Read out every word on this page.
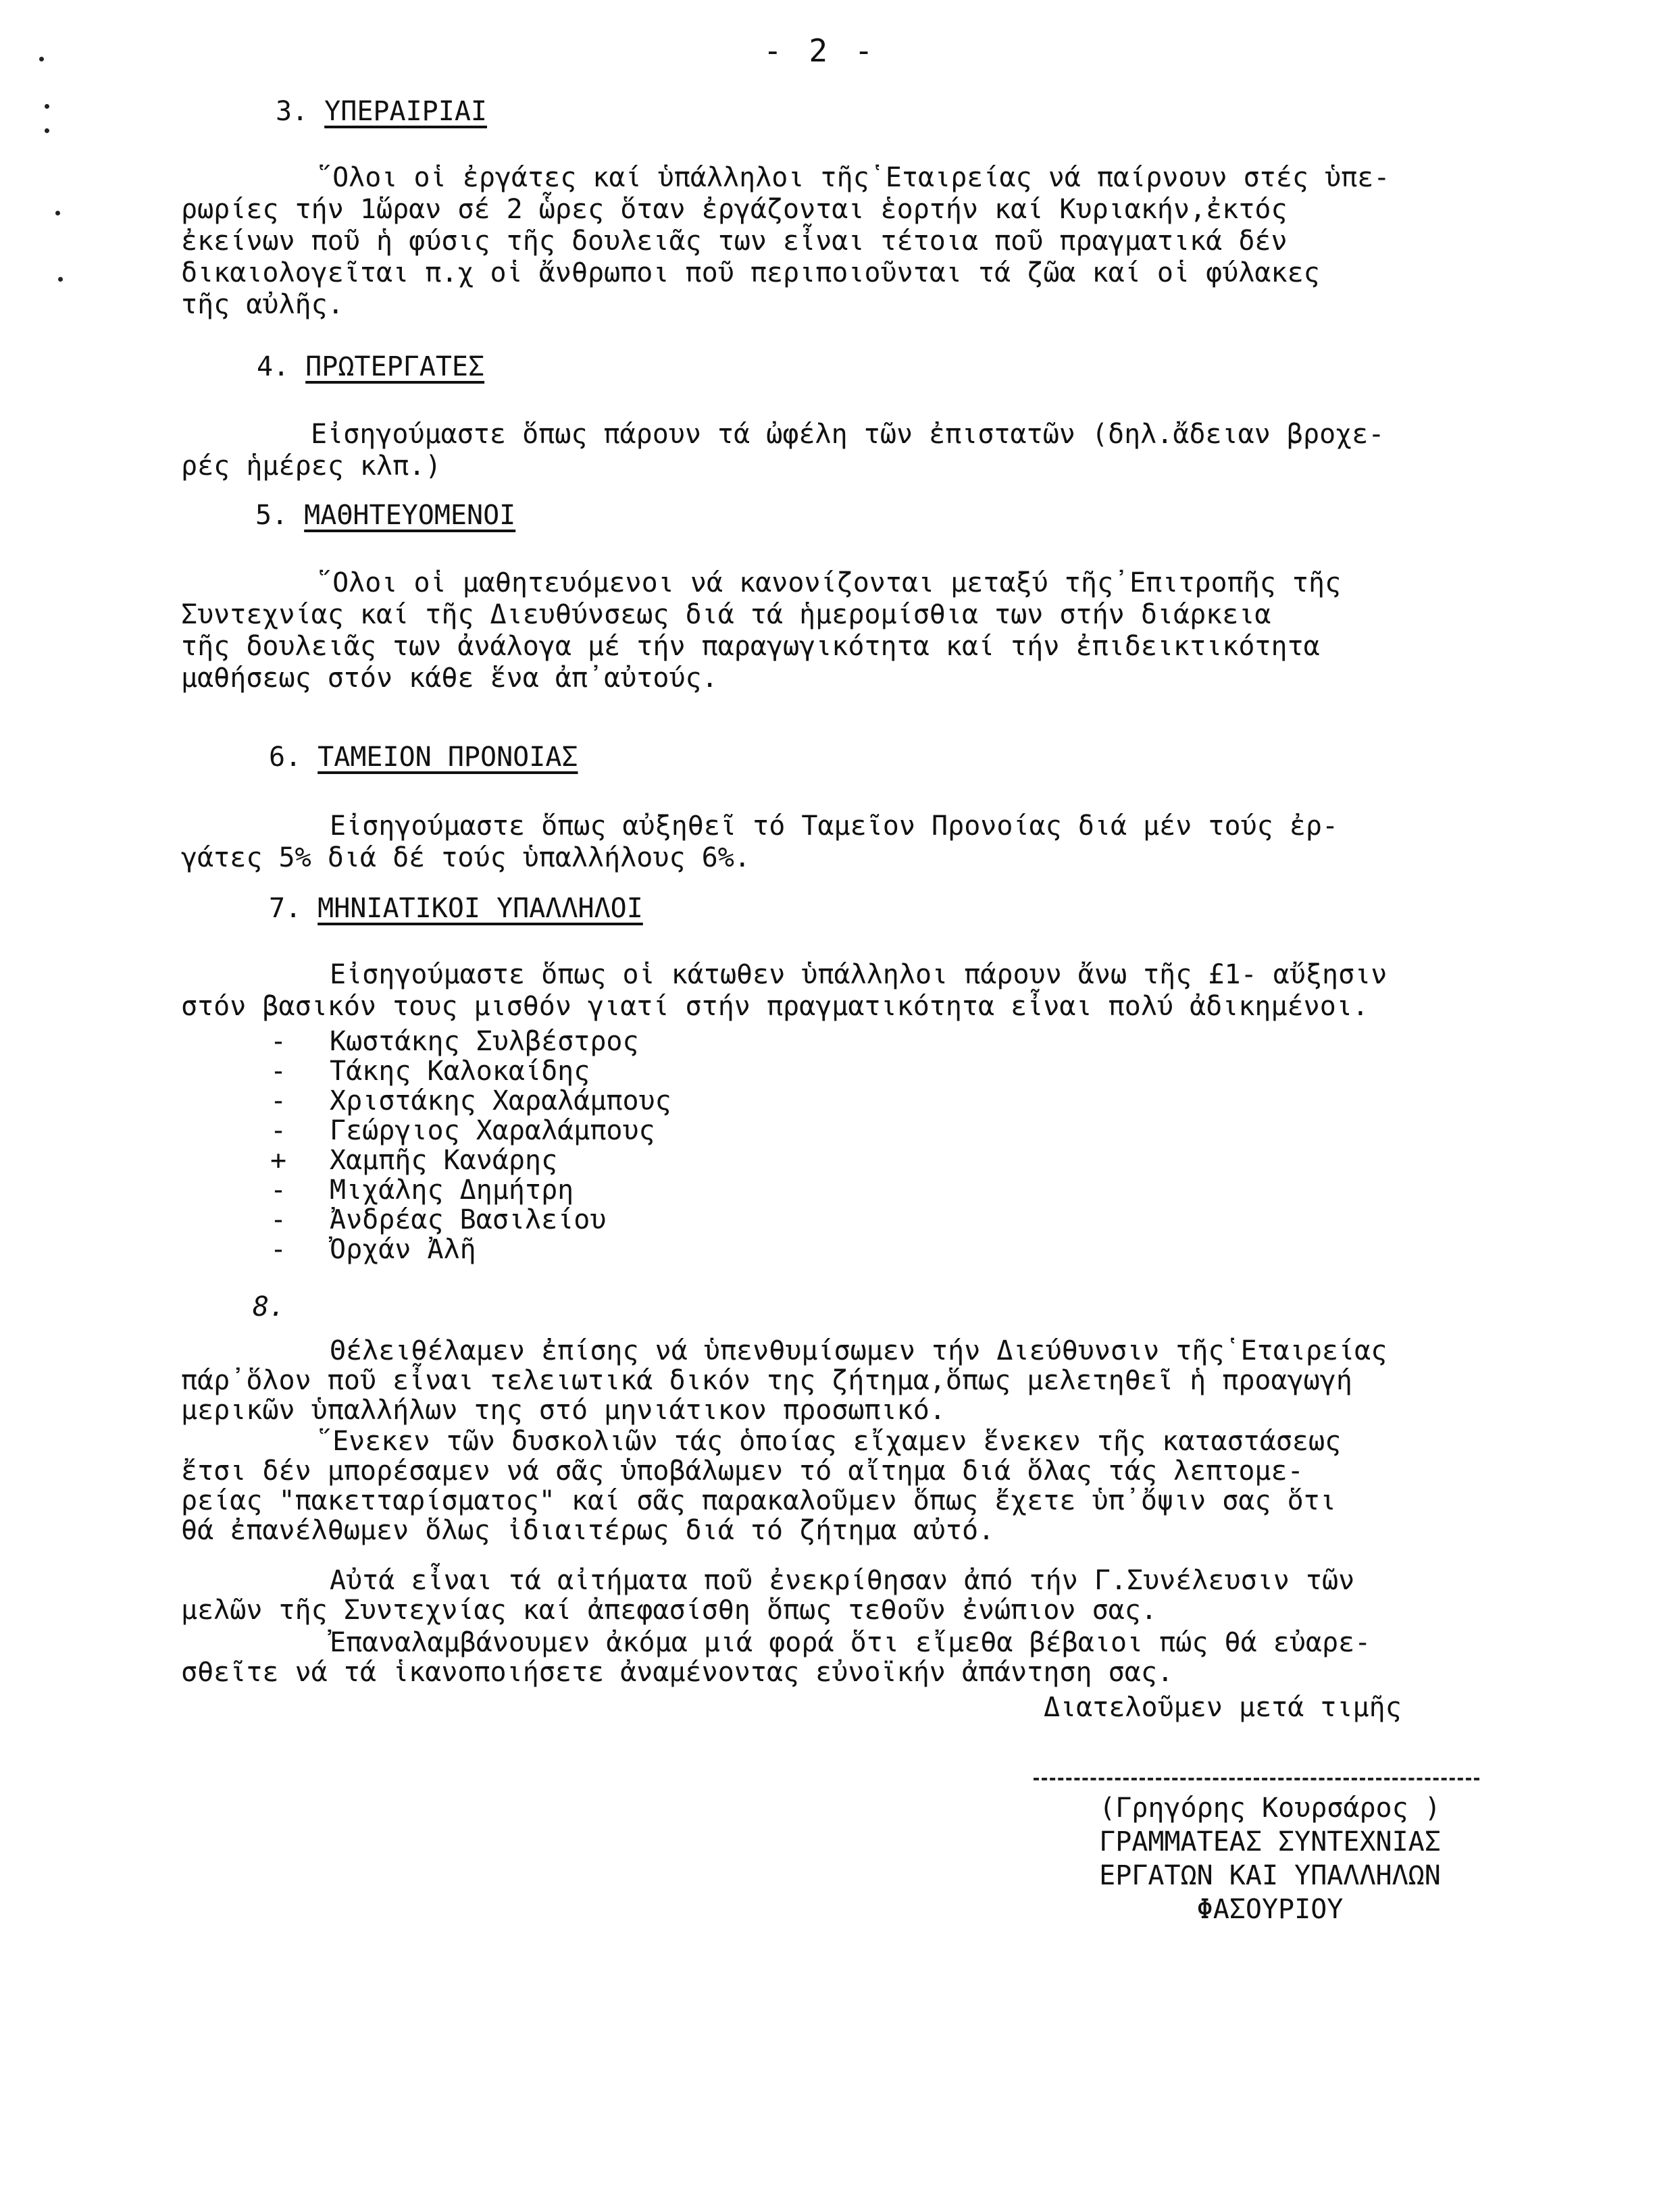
- 2 -
3. ΥΠΕΡΑΙΡΙΑΙ
῞Ολοι οἱ ἐργάτες καί ὑπάλληλοι τῆς῾Εταιρείας νά παίρνουν στές ὑπε-
ρωρίες τήν 1ὥραν σέ 2 ὧρες ὅταν ἐργάζονται ἑορτήν καί Κυριακήν,ἐκτός
ἐκείνων ποῦ ἡ φύσις τῆς δουλειᾶς των εἶναι τέτοια ποῦ πραγματικά δέν
δικαιολογεῖται π.χ οἱ ἄνθρωποι ποῦ περιποιοῦνται τά ζῶα καί οἱ φύλακες
τῆς αὐλῆς.
4. ΠΡΩΤΕΡΓΑΤΕΣ
Εἰσηγούμαστε ὅπως πάρουν τά ὠφέλη τῶν ἐπιστατῶν (δηλ.ἄδειαν βροχε-
ρές ἡμέρες κλπ.)
5. ΜΑΘΗΤΕΥΟΜΕΝΟΙ
῞Ολοι οἱ μαθητευόμενοι νά κανονίζονται μεταξύ τῆς᾿Επιτροπῆς τῆς
Συντεχνίας καί τῆς Διευθύνσεως διά τά ἡμερομίσθια των στήν διάρκεια
τῆς δουλειᾶς των ἀνάλογα μέ τήν παραγωγικότητα καί τήν ἐπιδεικτικότητα
μαθήσεως στόν κάθε ἕνα ἀπ᾿αὐτούς.
6. ΤΑΜΕΙΟΝ ΠΡΟΝΟΙΑΣ
Εἰσηγούμαστε ὅπως αὐξηθεῖ τό Ταμεῖον Προνοίας διά μέν τούς ἐρ-
γάτες 5% διά δέ τούς ὑπαλλήλους 6%.
7. ΜΗΝΙΑΤΙΚΟΙ ΥΠΑΛΛΗΛΟΙ
Εἰσηγούμαστε ὅπως οἱ κάτωθεν ὑπάλληλοι πάρουν ἄνω τῆς £1- αὔξησιν
στόν βασικόν τους μισθόν γιατί στήν πραγματικότητα εἶναι πολύ ἀδικημένοι.
- Κωστάκης Συλβέστρος
- Τάκης Καλοκαίδης
- Χριστάκης Χαραλάμπους
- Γεώργιος Χαραλάμπους
+ Χαμπῆς Κανάρης
- Μιχάλης Δημήτρη
- Ἀνδρέας Βασιλείου
- Ὀρχάν Ἀλῆ
8.
Θέλειθέλαμεν ἐπίσης νά ὑπενθυμίσωμεν τήν Διεύθυνσιν τῆς῾Εταιρείας
πάρ᾿ὅλον ποῦ εἶναι τελειωτικά δικόν της ζήτημα,ὅπως μελετηθεῖ ἡ προαγωγή
μερικῶν ὑπαλλήλων της στό μηνιάτικον προσωπικό.
῞Ενεκεν τῶν δυσκολιῶν τάς ὁποίας εἴχαμεν ἕνεκεν τῆς καταστάσεως
ἔτσι δέν μπορέσαμεν νά σᾶς ὑποβάλωμεν τό αἴτημα διά ὅλας τάς λεπτομε-
ρείας "πακετταρίσματος" καί σᾶς παρακαλοῦμεν ὅπως ἔχετε ὑπ᾿ὄψιν σας ὅτι
θά ἐπανέλθωμεν ὅλως ἰδιαιτέρως διά τό ζήτημα αὐτό.
Αὐτά εἶναι τά αἰτήματα ποῦ ἐνεκρίθησαν ἀπό τήν Γ.Συνέλευσιν τῶν
μελῶν τῆς Συντεχνίας καί ἀπεφασίσθη ὅπως τεθοῦν ἐνώπιον σας.
Ἐπαναλαμβάνουμεν ἀκόμα μιά φορά ὅτι εἴμεθα βέβαιοι πώς θά εὐαρε-
σθεῖτε νά τά ἱκανοποιήσετε ἀναμένοντας εὐνοϊκήν ἀπάντηση σας.
Διατελοῦμεν μετά τιμῆς
(Γρηγόρης Κουρσάρος )
ΓΡΑΜΜΑΤΕΑΣ ΣΥΝΤΕΧΝΙΑΣ
ΕΡΓΑΤΩΝ ΚΑΙ ΥΠΑΛΛΗΛΩΝ
ΦΑΣΟΥΡΙΟΥ
